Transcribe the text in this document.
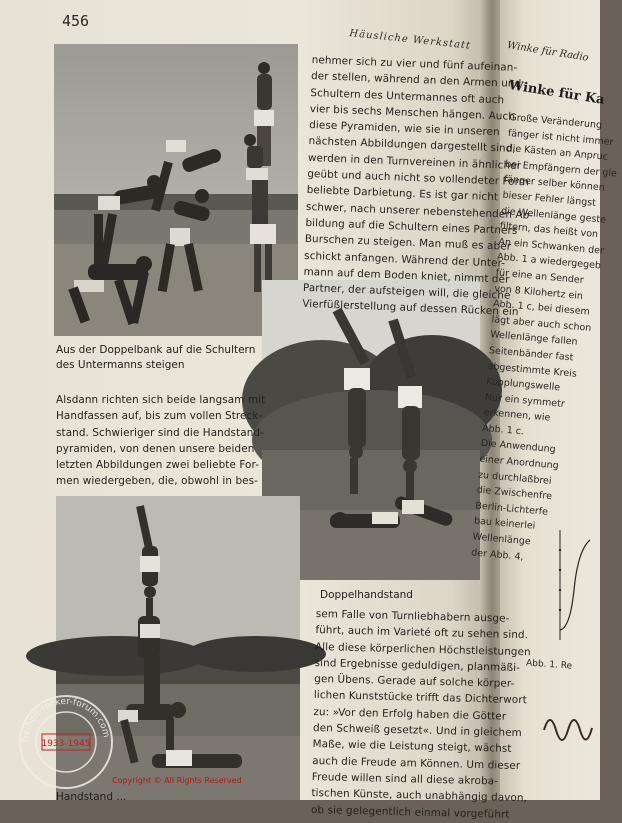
456
Häusliche Werkstatt
Aus der Doppelbank auf die Schultern des Untermanns steigen
Doppelhandstand
Handstand ...
nehmer sich zu vier und fünf aufeinan-
der stellen, während an den Armen und
Schultern des Untermannes oft auch
vier bis sechs Menschen hängen. Auch
diese Pyramiden, wie sie in unseren
nächsten Abbildungen dargestellt sind,
werden in den Turnvereinen in ähnlicher
geübt und auch nicht so vollendeter Form
beliebte Darbietung. Es ist gar nicht
schwer, nach unserer nebenstehenden Ab-
bildung auf die Schultern eines Partners
Burschen zu steigen. Man muß es aber
schickt anfangen. Während der Unter-
mann auf dem Boden kniet, nimmt der
Partner, der aufsteigen will, die gleiche
Vierfüßlerstellung auf dessen Rücken ein
Alsdann richten sich beide langsam mit
Handfassen auf, bis zum vollen Streck-
stand. Schwieriger sind die Handstand-
pyramiden, von denen unsere beiden
letzten Abbildungen zwei beliebte For-
men wiedergeben, die, obwohl in bes-
sem Falle von Turnliebhabern ausge-
führt, auch im Varieté oft zu sehen sind.
Alle diese körperlichen Höchstleistungen
sind Ergebnisse geduldigen, planmäßi-
gen Übens. Gerade auf solche körper-
lichen Kunststücke trifft das Dichterwort
zu: »Vor den Erfolg haben die Götter
den Schweiß gesetzt«. Und in gleichem
Maße, wie die Leistung steigt, wächst
auch die Freude am Können. Um dieser
Freude willen sind all diese akroba-
tischen Künste, auch unabhängig davon,
ob sie gelegentlich einmal vorgeführt
Winke für Radio
Winke für Ka
Große Veränderung
fänger ist nicht immer
die Kästen an Anpruc
bei Empfängern der gle
fänger selber können
bieser Fehler längst
die Wellenlänge geste
filtern, das heißt von
An ein Schwanken der
Abb. 1 a wiedergegeb
für eine an Sender
von 8 Kilohertz ein
Abb. 1 c, bei diesem
lägt aber auch schon
Wellenlänge fallen
Seitenbänder fast
abgestimmte Kreis
Kopplungswelle
Nur ein symmetr
erkennen, wie
Abb. 1 c.
Die Anwendung
einer Anordnung
zu durchlaßbrei
die Zwischenfre
Berlin-Lichterfe
bau keinerlei
Wellenlänge
der Abb. 4,
Abb. 1. Re
freiheit-rocker-forum.com
1933-1945
Copyright © All Rights Reserved
